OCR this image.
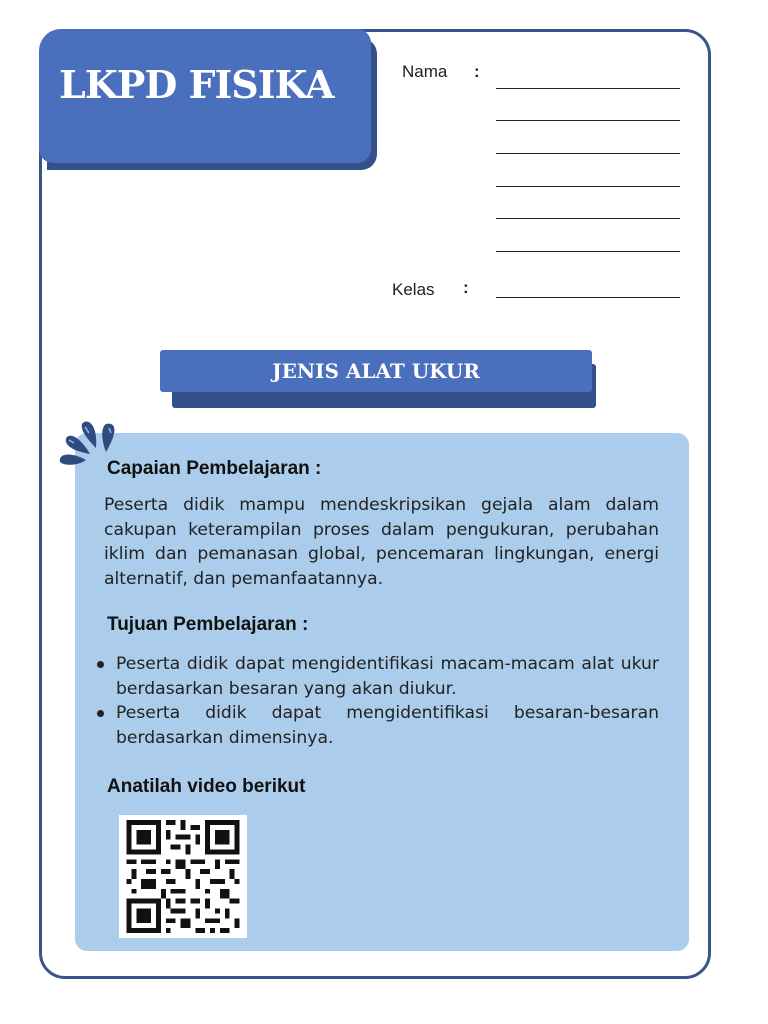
LKPD FISIKA	Nama :
Kelas :
JENIS ALAT UKUR
Capaian Pembelajaran :
Peserta didik mampu mendeskripsikan gejala alam dalam cakupan keterampilan proses dalam pengukuran, perubahan iklim dan pemanasan global, pencemaran lingkungan, energi alternatif, dan pemanfaatannya.
Tujuan Pembelajaran :
Peserta didik dapat mengidentifikasi macam-macam alat ukur berdasarkan besaran yang akan diukur.
Peserta didik dapat mengidentifikasi besaran-besaran berdasarkan dimensinya.
Anatilah video berikut
